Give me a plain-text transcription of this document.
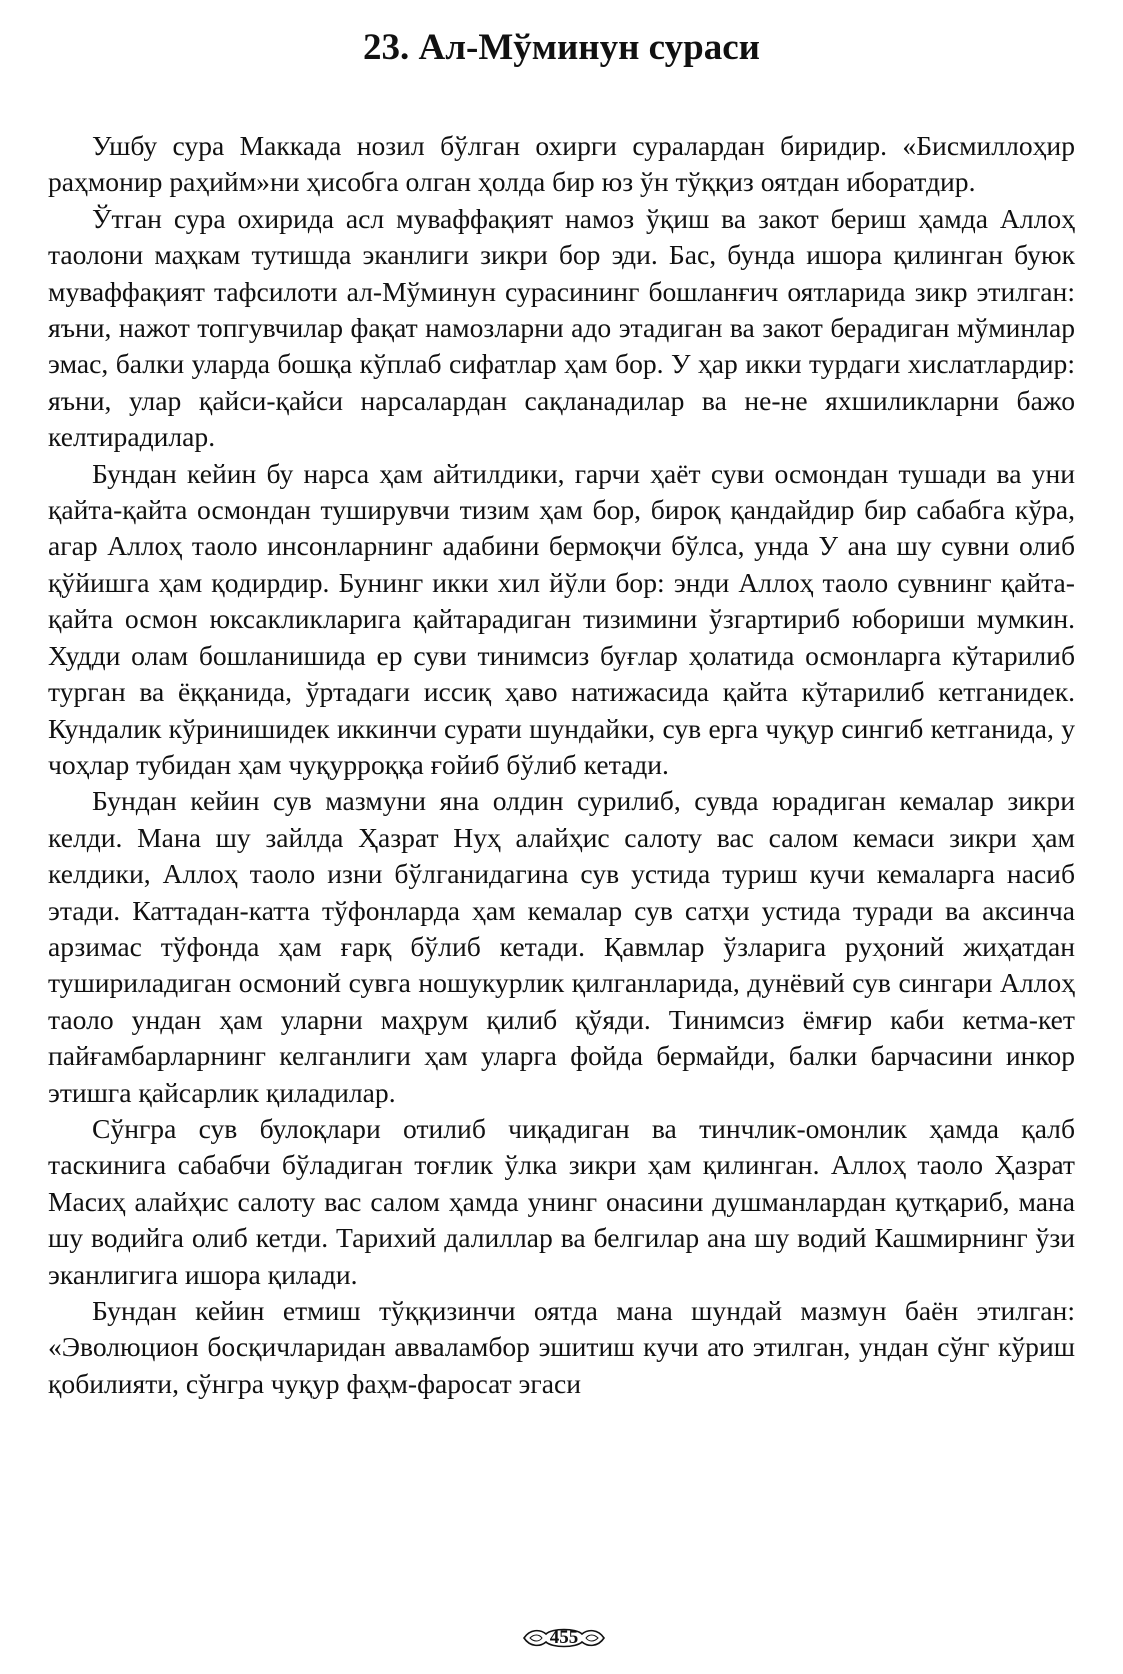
23. Ал-Мўминун сураси

Ушбу сура Маккада нозил бўлган охирги суралардан биридир. «Бисмиллоҳир раҳмонир раҳийм»ни ҳисобга олган ҳолда бир юз ўн тўққиз оятдан иборатдир.

Ўтган сура охирида асл муваффақият намоз ўқиш ва закот бериш ҳамда Аллоҳ таолони маҳкам тутишда эканлиги зикри бор эди. Бас, бунда ишора қилинган буюк муваффақият тафсилоти ал-Мўминун сурасининг бошланғич оятларида зикр этилган: яъни, нажот топгувчилар фақат намозларни адо этадиган ва закот берадиган мўминлар эмас, балки уларда бошқа кўплаб сифатлар ҳам бор. У ҳар икки турдаги хислатлардир: яъни, улар қайси-қайси нарсалардан сақланадилар ва не-не яхшиликларни бажо келтирадилар.

Бундан кейин бу нарса ҳам айтилдики, гарчи ҳаёт суви осмондан тушади ва уни қайта-қайта осмондан туширувчи тизим ҳам бор, бироқ қандайдир бир сабабга кўра, агар Аллоҳ таоло инсонларнинг адабини бермоқчи бўлса, унда У ана шу сувни олиб қўйишга ҳам қодирдир. Бунинг икки хил йўли бор: энди Аллоҳ таоло сувнинг қайта-қайта осмон юксакликларига қайтарадиган тизимини ўзгартириб юбориши мумкин. Худди олам бошланишида ер суви тинимсиз буғлар ҳолатида осмонларга кўтарилиб турган ва ёққанида, ўртадаги иссиқ ҳаво натижасида қайта кўтарилиб кетганидек. Кундалик кўринишидек иккинчи сурати шундайки, сув ерга чуқур сингиб кетганида, у чоҳлар тубидан ҳам чуқурроққа ғойиб бўлиб кетади.

Бундан кейин сув мазмуни яна олдин сурилиб, сувда юрадиган кемалар зикри келди. Мана шу зайлда Ҳазрат Нуҳ алайҳис салоту вас салом кемаси зикри ҳам келдики, Аллоҳ таоло изни бўлганидагина сув устида туриш кучи кемаларга насиб этади. Каттадан-катта тўфонларда ҳам кемалар сув сатҳи устида туради ва аксинча арзимас тўфонда ҳам ғарқ бўлиб кетади. Қавмлар ўзларига руҳоний жиҳатдан тушириладиган осмоний сувга ношукурлик қилганларида, дунёвий сув сингари Аллоҳ таоло ундан ҳам уларни маҳрум қилиб қўяди. Тинимсиз ёмғир каби кетма-кет пайғамбарларнинг келганлиги ҳам уларга фойда бермайди, балки барчасини инкор этишга қайсарлик қиладилар.

Сўнгра сув булоқлари отилиб чиқадиган ва тинчлик-омонлик ҳамда қалб таскинига сабабчи бўладиган тоғлик ўлка зикри ҳам қилинган. Аллоҳ таоло Ҳазрат Масиҳ алайҳис салоту вас салом ҳамда унинг онасини душманлардан қутқариб, мана шу водийга олиб кетди. Тарихий далиллар ва белгилар ана шу водий Кашмирнинг ўзи эканлигига ишора қилади.

Бундан кейин етмиш тўққизинчи оятда мана шундай мазмун баён этилган: «Эволюцион босқичларидан авваламбор эшитиш кучи ато этилган, ундан сўнг кўриш қобилияти, сўнгра чуқур фаҳм-фаросат эгаси

455
